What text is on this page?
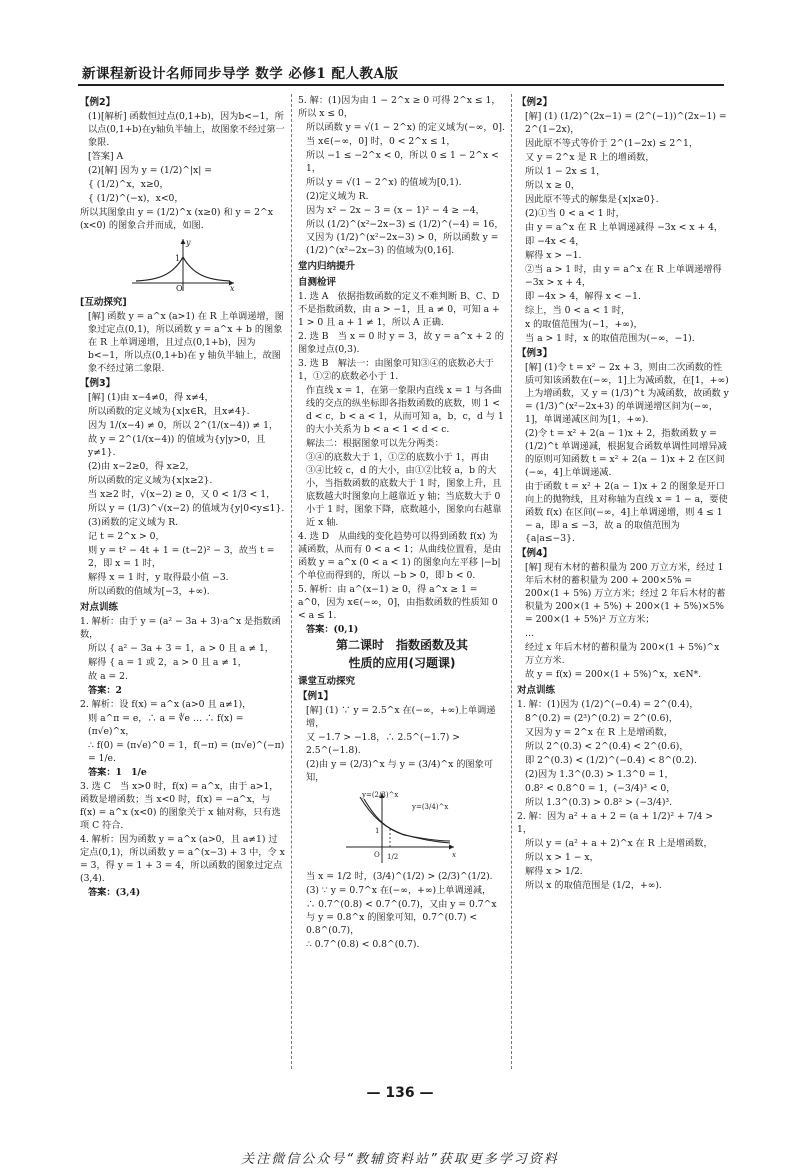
新课程新设计名师同步导学 数学 必修1 配人教A版
【例2】
(1)[解析] 函数恒过点(0,1+b)，因为b<−1，所以点(0,1+b)在y轴负半轴上，故图象不经过第一象限.
[答案] A
(2)[解] 因为 y = (1/2)^|x| =
{ (1/2)^x，x≥0，
{ (1/2)^(−x)，x<0，
所以其图象由 y = (1/2)^x (x≥0) 和 y = 2^x (x<0) 的图象合并而成，如图.
1
O	x
y
[互动探究]
[解] 函数 y = a^x (a>1) 在 R 上单调递增，图象过定点(0,1)，所以函数 y = a^x + b 的图象在 R 上单调递增，且过点(0,1+b)，因为 b<−1，所以点(0,1+b)在 y 轴负半轴上，故图象不经过第二象限.
【例3】
[解] (1)由 x−4≠0，得 x≠4，
所以函数的定义域为{x|x∈R，且x≠4}.
因为 1/(x−4) ≠ 0，所以 2^(1/(x−4)) ≠ 1，
故 y = 2^(1/(x−4)) 的值域为{y|y>0，且y≠1}.
(2)由 x−2≥0，得 x≥2，
所以函数的定义域为{x|x≥2}.
当 x≥2 时，√(x−2) ≥ 0，又 0 < 1/3 < 1，
所以 y = (1/3)^√(x−2) 的值域为{y|0<y≤1}.
(3)函数的定义域为 R.
记 t = 2^x > 0，
则 y = t² − 4t + 1 = (t−2)² − 3，故当 t = 2，即 x = 1 时，
解得 x = 1 时，y 取得最小值 −3.
所以函数的值域为[−3，+∞).
对点训练
1. 解析：由于 y = (a² − 3a + 3)·a^x 是指数函数，
所以 { a² − 3a + 3 = 1，a > 0 且 a ≠ 1，
解得 { a = 1 或 2，a > 0 且 a ≠ 1，
故 a = 2.
答案：2
2. 解析：设 f(x) = a^x (a>0 且 a≠1)，
则 a^π = e，∴ a = ∜e … ∴ f(x) = (ᴨ√e)^x，
∴ f(0) = (ᴨ√e)^0 = 1，f(−π) = (ᴨ√e)^(−π) = 1/e.
答案：1　1/e
3. 选 C　当 x>0 时，f(x) = a^x，由于 a>1，函数是增函数；当 x<0 时，f(x) = −a^x，与 f(x) = a^x (x<0) 的图象关于 x 轴对称，只有选项 C 符合.
4. 解析：因为函数 y = a^x (a>0，且 a≠1) 过定点(0,1)，所以函数 y = a^(x−3) + 3 中，令 x = 3，得 y = 1 + 3 = 4，所以函数的图象过定点(3,4).
答案：(3,4)
5. 解：(1)因为由 1 − 2^x ≥ 0 可得 2^x ≤ 1，所以 x ≤ 0，
所以函数 y = √(1 − 2^x) 的定义域为(−∞，0].
当 x∈(−∞，0] 时，0 < 2^x ≤ 1，
所以 −1 ≤ −2^x < 0，所以 0 ≤ 1 − 2^x < 1，
所以 y = √(1 − 2^x) 的值域为[0,1).
(2)定义域为 R.
因为 x² − 2x − 3 = (x − 1)² − 4 ≥ −4，
所以 (1/2)^(x²−2x−3) ≤ (1/2)^(−4) = 16，又因为 (1/2)^(x²−2x−3) > 0，所以函数 y = (1/2)^(x²−2x−3) 的值域为(0,16].
堂内归纳提升
自测检评
1. 选 A　依据指数函数的定义不难判断 B、C、D 不是指数函数，由 a > −1，且 a ≠ 0，可知 a + 1 > 0 且 a + 1 ≠ 1，所以 A 正确.
2. 选 B　当 x = 0 时 y = 3，故 y = a^x + 2 的图象过点(0,3).
3. 选 B　解法一：由图象可知③④的底数必大于 1，①②的底数必小于 1.
作直线 x = 1，在第一象限内直线 x = 1 与各曲线的交点的纵坐标即各指数函数的底数，则 1 < d < c，b < a < 1，从而可知 a，b，c，d 与 1 的大小关系为 b < a < 1 < d < c.
解法二：根据图象可以先分两类：
③④的底数大于 1，①②的底数小于 1，再由③④比较 c，d 的大小，由①②比较 a，b 的大小，当指数函数的底数大于 1 时，图象上升，且底数越大时图象向上越靠近 y 轴；当底数大于 0 小于 1 时，图象下降，底数越小，图象向右越靠近 x 轴.
4. 选 D　从曲线的变化趋势可以得到函数 f(x) 为减函数，从而有 0 < a < 1；从曲线位置看，是由函数 y = a^x (0 < a < 1) 的图象向左平移 |−b| 个单位而得到的，所以 −b > 0，即 b < 0.
5. 解析：由 a^(x−1) ≥ 0，得 a^x ≥ 1 = a^0，因为 x∈(−∞，0]，由指数函数的性质知 0 < a ≤ 1.
答案：(0,1)
第二课时　指数函数及其
性质的应用(习题课)
课堂互动探究
【例1】
[解] (1) ∵ y = 2.5^x 在(−∞，+∞)上单调递增，
又 −1.7 > −1.8，∴ 2.5^(−1.7) > 2.5^(−1.8).
(2)由 y = (2/3)^x 与 y = (3/4)^x 的图象可知，
y=(2/3)^x
y=(3/4)^x
1
O 1/2	x
当 x = 1/2 时，(3/4)^(1/2) > (2/3)^(1/2).
(3) ∵ y = 0.7^x 在(−∞，+∞)上单调递减，
∴ 0.7^(0.8) < 0.7^(0.7)，又由 y = 0.7^x 与 y = 0.8^x 的图象可知，0.7^(0.7) < 0.8^(0.7)，
∴ 0.7^(0.8) < 0.8^(0.7).
【例2】
[解] (1) (1/2)^(2x−1) = (2^(−1))^(2x−1) = 2^(1−2x)，
因此原不等式等价于 2^(1−2x) ≤ 2^1，
又 y = 2^x 是 R 上的增函数，
所以 1 − 2x ≤ 1，
所以 x ≥ 0，
因此原不等式的解集是{x|x≥0}.
(2)①当 0 < a < 1 时，
由 y = a^x 在 R 上单调递减得 −3x < x + 4，
即 −4x < 4，
解得 x > −1.
②当 a > 1 时，由 y = a^x 在 R 上单调递增得 −3x > x + 4，
即 −4x > 4，解得 x < −1.
综上，当 0 < a < 1 时，
x 的取值范围为(−1，+∞)，
当 a > 1 时，x 的取值范围为(−∞，−1).
【例3】
[解] (1)令 t = x² − 2x + 3，则由二次函数的性质可知该函数在(−∞，1]上为减函数，在[1，+∞)上为增函数，又 y = (1/3)^t 为减函数，故函数 y = (1/3)^(x²−2x+3) 的单调递增区间为(−∞，1]，单调递减区间为[1，+∞).
(2)令 t = x² + 2(a − 1)x + 2，指数函数 y = (1/2)^t 单调递减，根据复合函数单调性同增异减的原则可知函数 t = x² + 2(a − 1)x + 2 在区间(−∞，4]上单调递减.
由于函数 t = x² + 2(a − 1)x + 2 的图象是开口向上的抛物线，且对称轴为直线 x = 1 − a，要使函数 f(x) 在区间(−∞，4]上单调递增，则 4 ≤ 1 − a，即 a ≤ −3，故 a 的取值范围为{a|a≤−3}.
【例4】
[解] 现有木材的蓄积量为 200 万立方米，经过 1 年后木材的蓄积量为 200 + 200×5% = 200×(1 + 5%) 万立方米；经过 2 年后木材的蓄积量为 200×(1 + 5%) + 200×(1 + 5%)×5% = 200×(1 + 5%)² 万立方米；
…
经过 x 年后木材的蓄积量为 200×(1 + 5%)^x 万立方米.
故 y = f(x) = 200×(1 + 5%)^x，x∈N*.
对点训练
1. 解：(1)因为 (1/2)^(−0.4) = 2^(0.4)，
8^(0.2) = (2³)^(0.2) = 2^(0.6)，
又因为 y = 2^x 在 R 上是增函数，
所以 2^(0.3) < 2^(0.4) < 2^(0.6)，
即 2^(0.3) < (1/2)^(−0.4) < 8^(0.2).
(2)因为 1.3^(0.3) > 1.3^0 = 1，
0.8² < 0.8^0 = 1，(−3/4)³ < 0，
所以 1.3^(0.3) > 0.8² > (−3/4)³.
2. 解：因为 a² + a + 2 = (a + 1/2)² + 7/4 > 1，
所以 y = (a² + a + 2)^x 在 R 上是增函数，
所以 x > 1 − x，
解得 x > 1/2.
所以 x 的取值范围是 (1/2，+∞).
— 136 —
关注微信公众号“教辅资料站”获取更多学习资料
